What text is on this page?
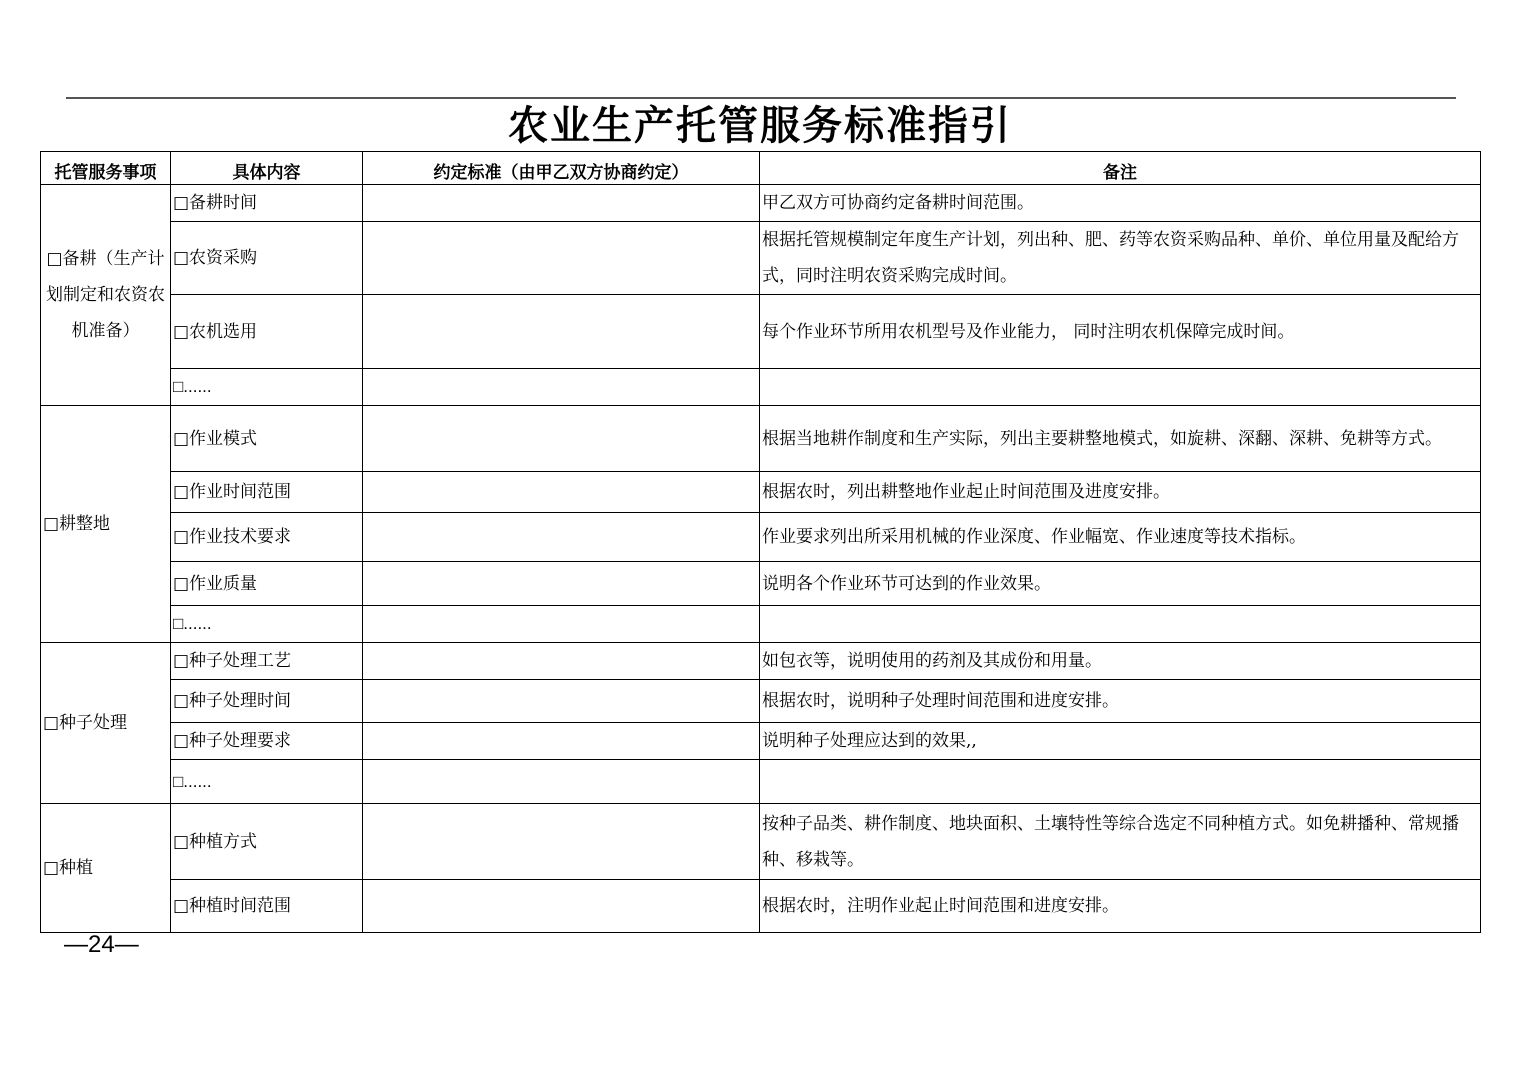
农业生产托管服务标准指引
托管服务事项	具体内容	约定标准（由甲乙双方协商约定）	备注
□备耕（生产计划制定和农资农机准备）	□备耕时间		甲乙双方可协商约定备耕时间范围。
	□农资采购		根据托管规模制定年度生产计划，列出种、肥、药等农资采购品种、单价、单位用量及配给方式，同时注明农资采购完成时间。
	□农机选用		每个作业环节所用农机型号及作业能力， 同时注明农机保障完成时间。
	□......		
□耕整地	□作业模式		根据当地耕作制度和生产实际，列出主要耕整地模式，如旋耕、深翻、深耕、免耕等方式。
	□作业时间范围		根据农时，列出耕整地作业起止时间范围及进度安排。
	□作业技术要求		作业要求列出所采用机械的作业深度、作业幅宽、作业速度等技术指标。
	□作业质量		说明各个作业环节可达到的作业效果。
	□......		
□种子处理	□种子处理工艺		如包衣等，说明使用的药剂及其成份和用量。
	□种子处理时间		根据农时，说明种子处理时间范围和进度安排。
	□种子处理要求		说明种子处理应达到的效果,,
	□......		
□种植	□种植方式		按种子品类、耕作制度、地块面积、土壤特性等综合选定不同种植方式。如免耕播种、常规播种、移栽等。
	□种植时间范围		根据农时，注明作业起止时间范围和进度安排。
—24—
